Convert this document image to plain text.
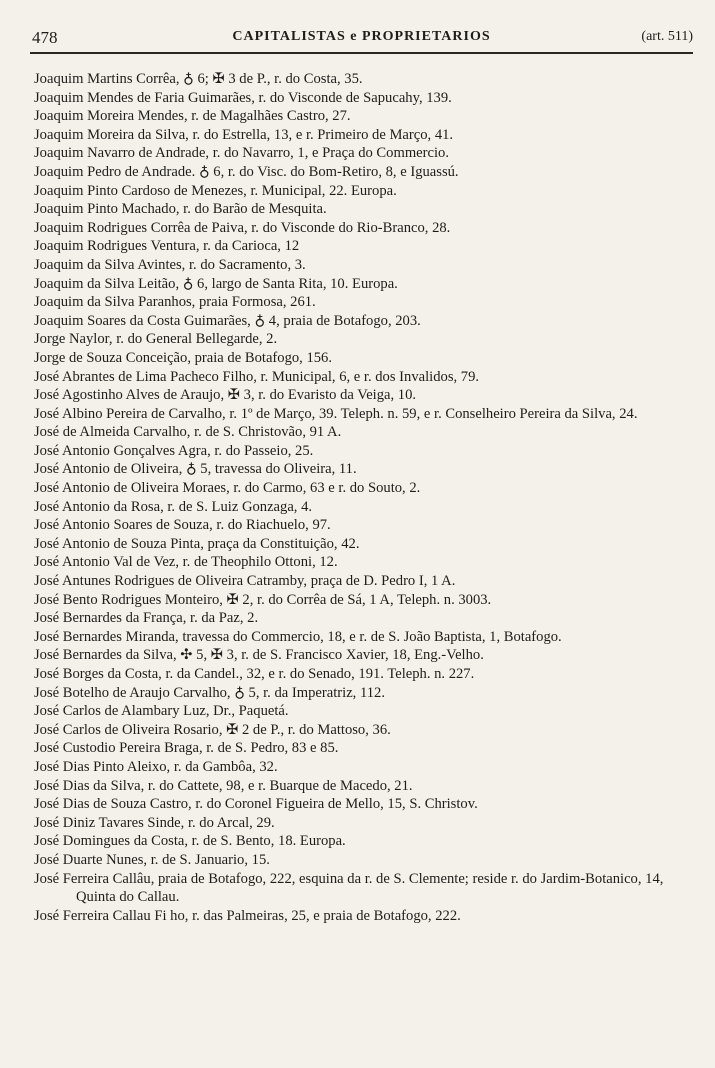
478	CAPITALISTAS e PROPRIETARIOS	(art. 511)
Joaquim Martins Corrêa, ♁ 6; ✠ 3 de P., r. do Costa, 35.
Joaquim Mendes de Faria Guimarães, r. do Visconde de Sapucahy, 139.
Joaquim Moreira Mendes, r. de Magalhães Castro, 27.
Joaquim Moreira da Silva, r. do Estrella, 13, e r. Primeiro de Março, 41.
Joaquim Navarro de Andrade, r. do Navarro, 1, e Praça do Commercio.
Joaquim Pedro de Andrade. ♁ 6, r. do Visc. do Bom-Retiro, 8, e Iguassú.
Joaquim Pinto Cardoso de Menezes, r. Municipal, 22. Europa.
Joaquim Pinto Machado, r. do Barão de Mesquita.
Joaquim Rodrigues Corrêa de Paiva, r. do Visconde do Rio-Branco, 28.
Joaquim Rodrigues Ventura, r. da Carioca, 12
Joaquim da Silva Avintes, r. do Sacramento, 3.
Joaquim da Silva Leitão, ♁ 6, largo de Santa Rita, 10. Europa.
Joaquim da Silva Paranhos, praia Formosa, 261.
Joaquim Soares da Costa Guimarães, ♁ 4, praia de Botafogo, 203.
Jorge Naylor, r. do General Bellegarde, 2.
Jorge de Souza Conceição, praia de Botafogo, 156.
José Abrantes de Lima Pacheco Filho, r. Municipal, 6, e r. dos Invalidos, 79.
José Agostinho Alves de Araujo, ✠ 3, r. do Evaristo da Veiga, 10.
José Albino Pereira de Carvalho, r. 1º de Março, 39. Teleph. n. 59, e r. Conselheiro Pereira da Silva, 24.
José de Almeida Carvalho, r. de S. Christovão, 91 A.
José Antonio Gonçalves Agra, r. do Passeio, 25.
José Antonio de Oliveira, ♁ 5, travessa do Oliveira, 11.
José Antonio de Oliveira Moraes, r. do Carmo, 63 e r. do Souto, 2.
José Antonio da Rosa, r. de S. Luiz Gonzaga, 4.
José Antonio Soares de Souza, r. do Riachuelo, 97.
José Antonio de Souza Pinta, praça da Constituição, 42.
José Antonio Val de Vez, r. de Theophilo Ottoni, 12.
José Antunes Rodrigues de Oliveira Catramby, praça de D. Pedro I, 1 A.
José Bento Rodrigues Monteiro, ✠ 2, r. do Corrêa de Sá, 1 A, Teleph. n. 3003.
José Bernardes da França, r. da Paz, 2.
José Bernardes Miranda, travessa do Commercio, 18, e r. de S. João Baptista, 1, Botafogo.
José Bernardes da Silva, ✣ 5, ✠ 3, r. de S. Francisco Xavier, 18, Eng.-Velho.
José Borges da Costa, r. da Candel., 32, e r. do Senado, 191. Teleph. n. 227.
José Botelho de Araujo Carvalho, ♁ 5, r. da Imperatriz, 112.
José Carlos de Alambary Luz, Dr., Paquetá.
José Carlos de Oliveira Rosario, ✠ 2 de P., r. do Mattoso, 36.
José Custodio Pereira Braga, r. de S. Pedro, 83 e 85.
José Dias Pinto Aleixo, r. da Gambôa, 32.
José Dias da Silva, r. do Cattete, 98, e r. Buarque de Macedo, 21.
José Dias de Souza Castro, r. do Coronel Figueira de Mello, 15, S. Christov.
José Diniz Tavares Sinde, r. do Arcal, 29.
José Domingues da Costa, r. de S. Bento, 18. Europa.
José Duarte Nunes, r. de S. Januario, 15.
José Ferreira Callâu, praia de Botafogo, 222, esquina da r. de S. Clemente; reside r. do Jardim-Botanico, 14, Quinta do Callau.
José Ferreira Callau Fi ho, r. das Palmeiras, 25, e praia de Botafogo, 222.
